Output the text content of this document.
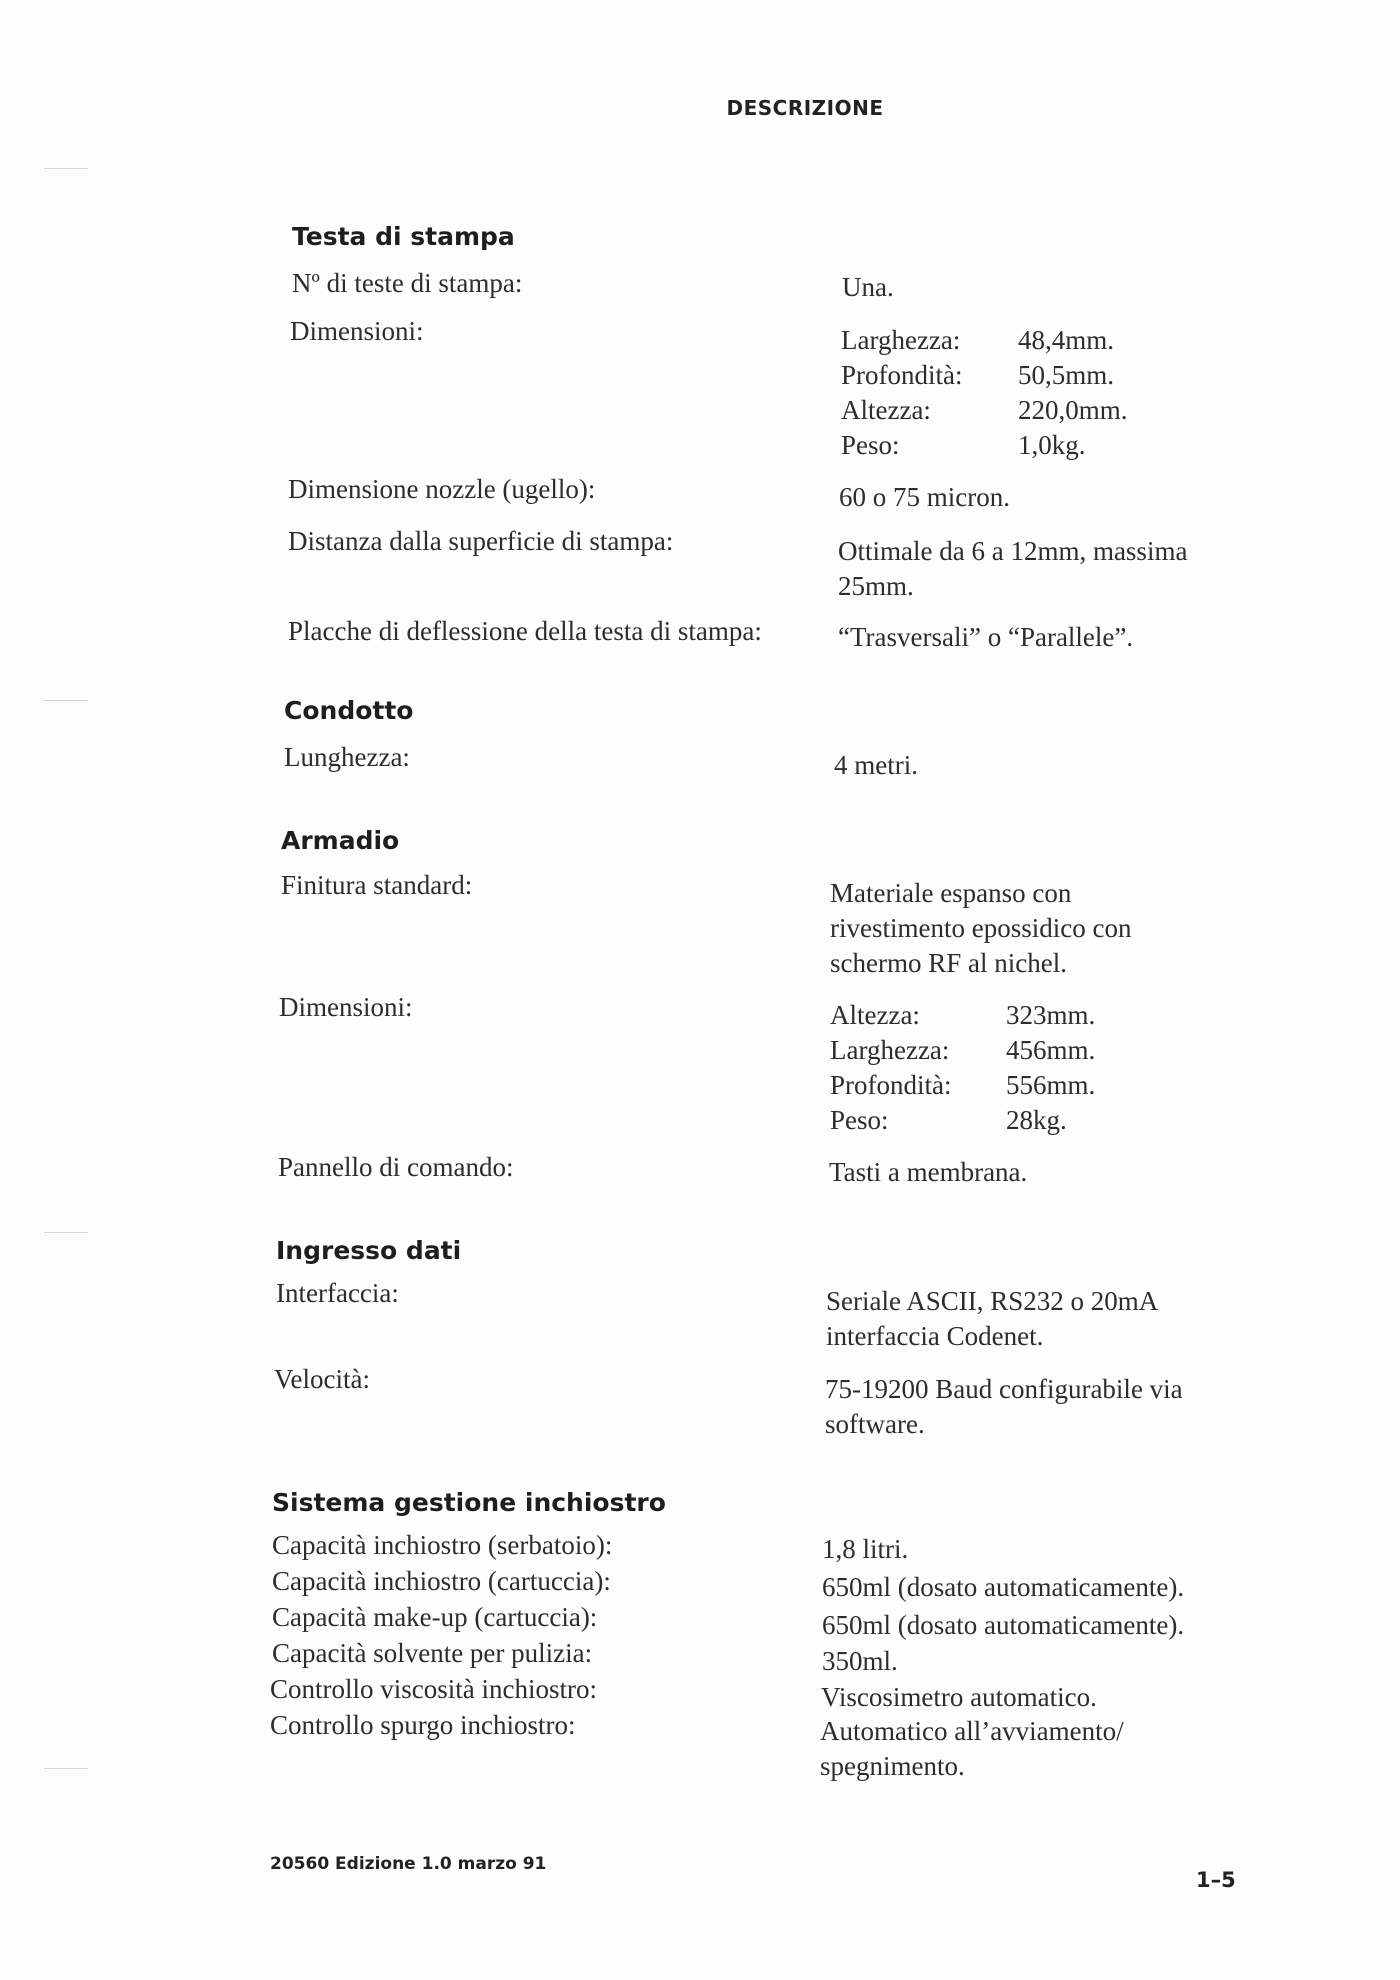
DESCRIZIONE
Testa di stampa
Nº di teste di stampa:	Una.
Dimensioni:	Larghezza: 48,4mm.
Profondità: 50,5mm.
Altezza:	220,0mm.
Peso:	1,0kg.
Dimensione nozzle (ugello):	60 o 75 micron.
Distanza dalla superficie di stampa:	Ottimale da 6 a 12mm, massima 25mm.
Placche di deflessione della testa di stampa:	“Trasversali” o “Parallele”.
Condotto
Lunghezza:	4 metri.
Armadio
Finitura standard:	Materiale espanso con rivestimento epossidico con schermo RF al nichel.
Dimensioni:	Altezza:	323mm.
Larghezza: 456mm.
Profondità: 556mm.
Peso:	28kg.
Pannello di comando:	Tasti a membrana.
Ingresso dati
Interfaccia:	Seriale ASCII, RS232 o 20mA interfaccia Codenet.
Velocità:	75-19200 Baud configurabile via software.
Sistema gestione inchiostro
Capacità inchiostro (serbatoio):	1,8 litri.
Capacità inchiostro (cartuccia):	650ml (dosato automaticamente).
Capacità make-up (cartuccia):	650ml (dosato automaticamente).
Capacità solvente per pulizia:	350ml.
Controllo viscosità inchiostro:	Viscosimetro automatico.
Controllo spurgo inchiostro:	Automatico all’avviamento/ spegnimento.
20560 Edizione 1.0 marzo 91
1–5
